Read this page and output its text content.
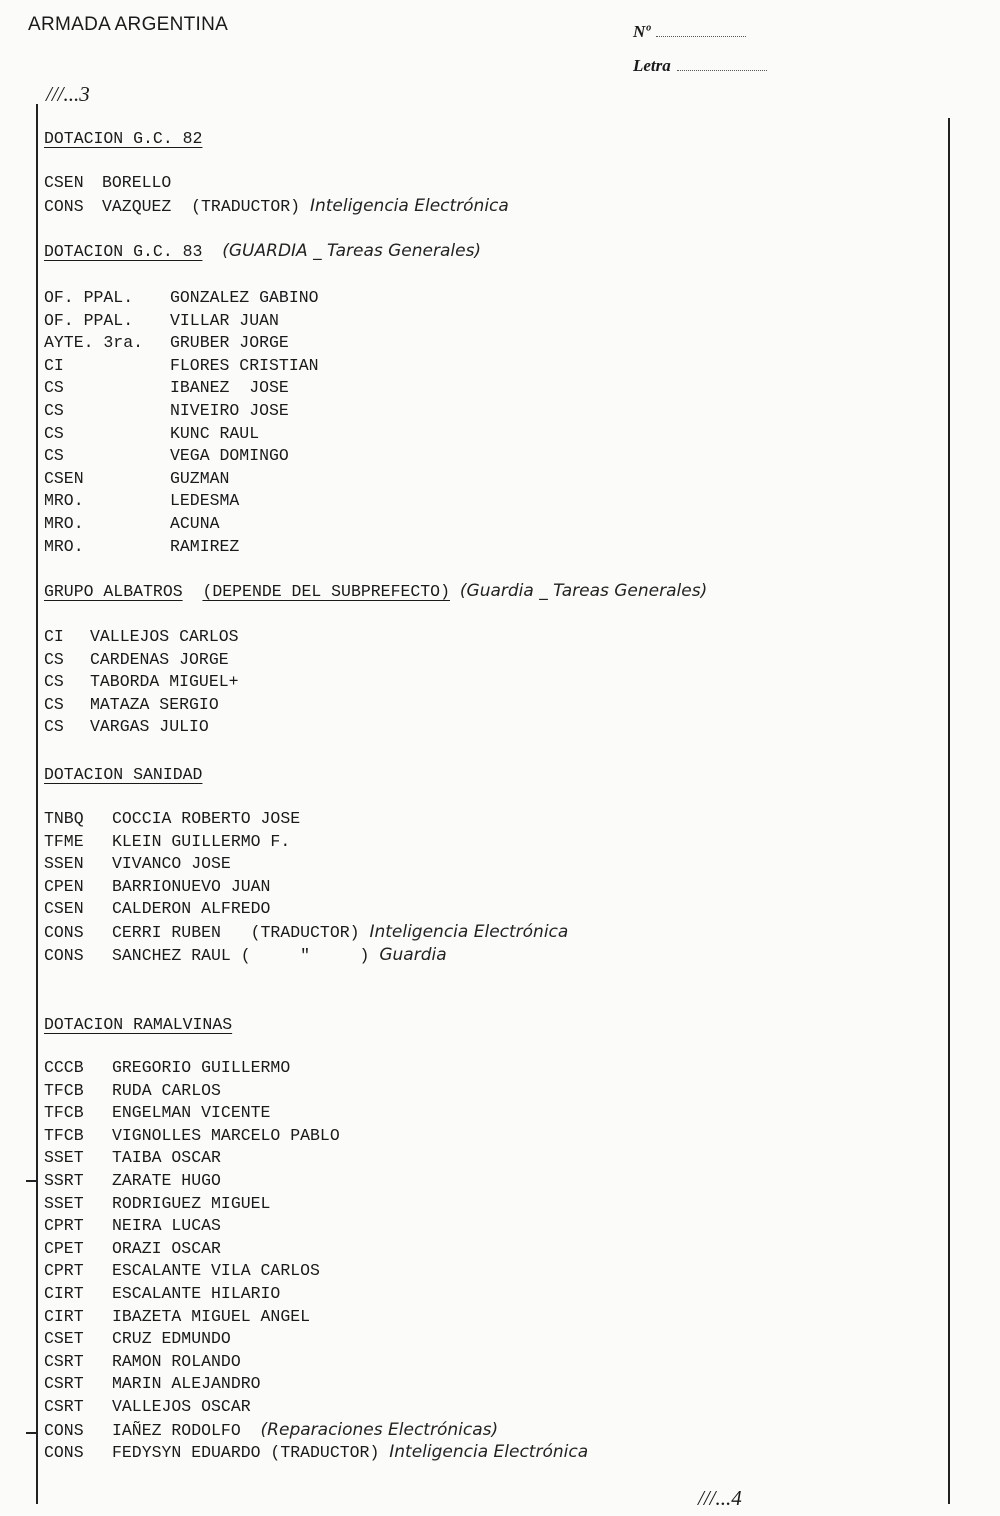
ARMADA ARGENTINA	Nº
Letra
///...3
DOTACION G.C. 82
CSEN BORELLO
CONS VAZQUEZ  (TRADUCTOR) Inteligencia Electrónica
DOTACION G.C. 83 (GUARDIA _ Tareas Generales)
OF. PPAL. GONZALEZ GABINO
OF. PPAL. VILLAR JUAN
AYTE. 3ra. GRUBER JORGE
CI	FLORES CRISTIAN
CS	IBANEZ  JOSE
CS	NIVEIRO JOSE
CS	KUNC RAUL
CS	VEGA DOMINGO
CSEN	GUZMAN
MRO.	LEDESMA
MRO.	ACUNA
MRO.	RAMIREZ
GRUPO ALBATROS (DEPENDE DEL SUBPREFECTO) (Guardia _ Tareas Generales)
CI VALLEJOS CARLOS
CS CARDENAS JORGE
CS TABORDA MIGUEL+
CS MATAZA SERGIO
CS VARGAS JULIO
DOTACION SANIDAD
TNBQ COCCIA ROBERTO JOSE
TFME KLEIN GUILLERMO F.
SSEN VIVANCO JOSE
CPEN BARRIONUEVO JUAN
CSEN CALDERON ALFREDO
CONS CERRI RUBEN   (TRADUCTOR) Inteligencia Electrónica
CONS SANCHEZ RAUL (     "     ) Guardia
DOTACION RAMALVINAS
CCCB GREGORIO GUILLERMO
TFCB RUDA CARLOS
TFCB ENGELMAN VICENTE
TFCB VIGNOLLES MARCELO PABLO
SSET TAIBA OSCAR
SSRT ZARATE HUGO
SSET RODRIGUEZ MIGUEL
CPRT NEIRA LUCAS
CPET ORAZI OSCAR
CPRT ESCALANTE VILA CARLOS
CIRT ESCALANTE HILARIO
CIRT IBAZETA MIGUEL ANGEL
CSET CRUZ EDMUNDO
CSRT RAMON ROLANDO
CSRT MARIN ALEJANDRO
CSRT VALLEJOS OSCAR
CONS IAÑEZ RODOLFO (Reparaciones Electrónicas)
CONS FEDYSYN EDUARDO (TRADUCTOR) Inteligencia Electrónica
///...4
